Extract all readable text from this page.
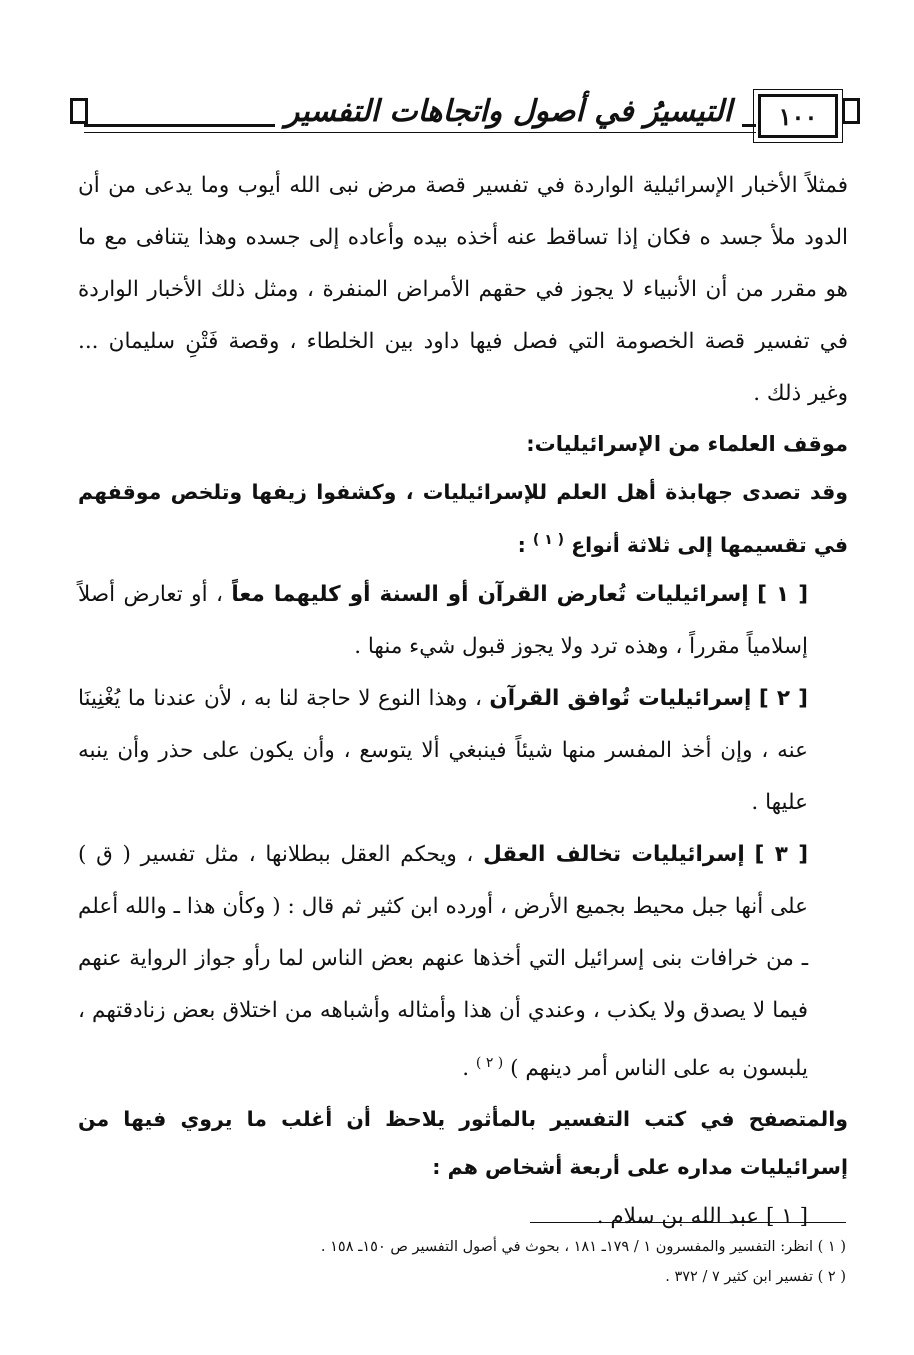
التيسيرُ في أصول واتجاهات التفسير	١٠٠

فمثلاً الأخبار الإسرائيلية الواردة في تفسير قصة مرض نبى الله أيوب وما يدعى من أن الدود ملأ جسد ه فكان إذا تساقط عنه أخذه بيده وأعاده إلى جسده وهذا يتنافى مع ما هو مقرر من أن الأنبياء لا يجوز في حقهم الأمراض المنفرة ، ومثل ذلك الأخبار الواردة في تفسير قصة الخصومة التي فصل فيها داود بين الخلطاء ، وقصة فَتْنِ سليمان ... وغير ذلك .

موقف العلماء من الإسرائيليات:

وقد تصدى جهابذة أهل العلم للإسرائيليات ، وكشفوا زيفها وتلخص موقفهم في تقسيمها إلى ثلاثة أنواع $^{( ١ )}$ :

[ ١ ] إسرائيليات تُعارض القرآن أو السنة أو كليهما معاً ، أو تعارض أصلاً إسلامياً مقرراً ، وهذه ترد ولا يجوز قبول شيء منها .

[ ٢ ] إسرائيليات تُوافق القرآن ، وهذا النوع لا حاجة لنا به ، لأن عندنا ما يُغْنِينَا عنه ، وإن أخذ المفسر منها شيئاً فينبغي ألا يتوسع ، وأن يكون على حذر وأن ينبه عليها .

[ ٣ ] إسرائيليات تخالف العقل ، ويحكم العقل ببطلانها ، مثل تفسير ( ق ) على أنها جبل محيط بجميع الأرض ، أورده ابن كثير ثم قال : ( وكأن هذا ـ والله أعلم ـ من خرافات بنى إسرائيل التي أخذها عنهم بعض الناس لما رأو جواز الرواية عنهم فيما لا يصدق ولا يكذب ، وعندي أن هذا وأمثاله وأشباهه من اختلاق بعض زنادقتهم ، يلبسون به على الناس أمر دينهم ) $^{( ٢ )}$ .

والمتصفح في كتب التفسير بالمأثور يلاحظ أن أغلب ما يروي فيها من إسرائيليات مداره على أربعة أشخاص هم :

[ ١ ] عبد الله بن سلام .

( ١ ) انظر: التفسير والمفسرون ١ / ١٧٩ـ ١٨١ ، بحوث في أصول التفسير ص ١٥٠ـ ١٥٨ .

( ٢ ) تفسير ابن كثير ٧ / ٣٧٢ .
